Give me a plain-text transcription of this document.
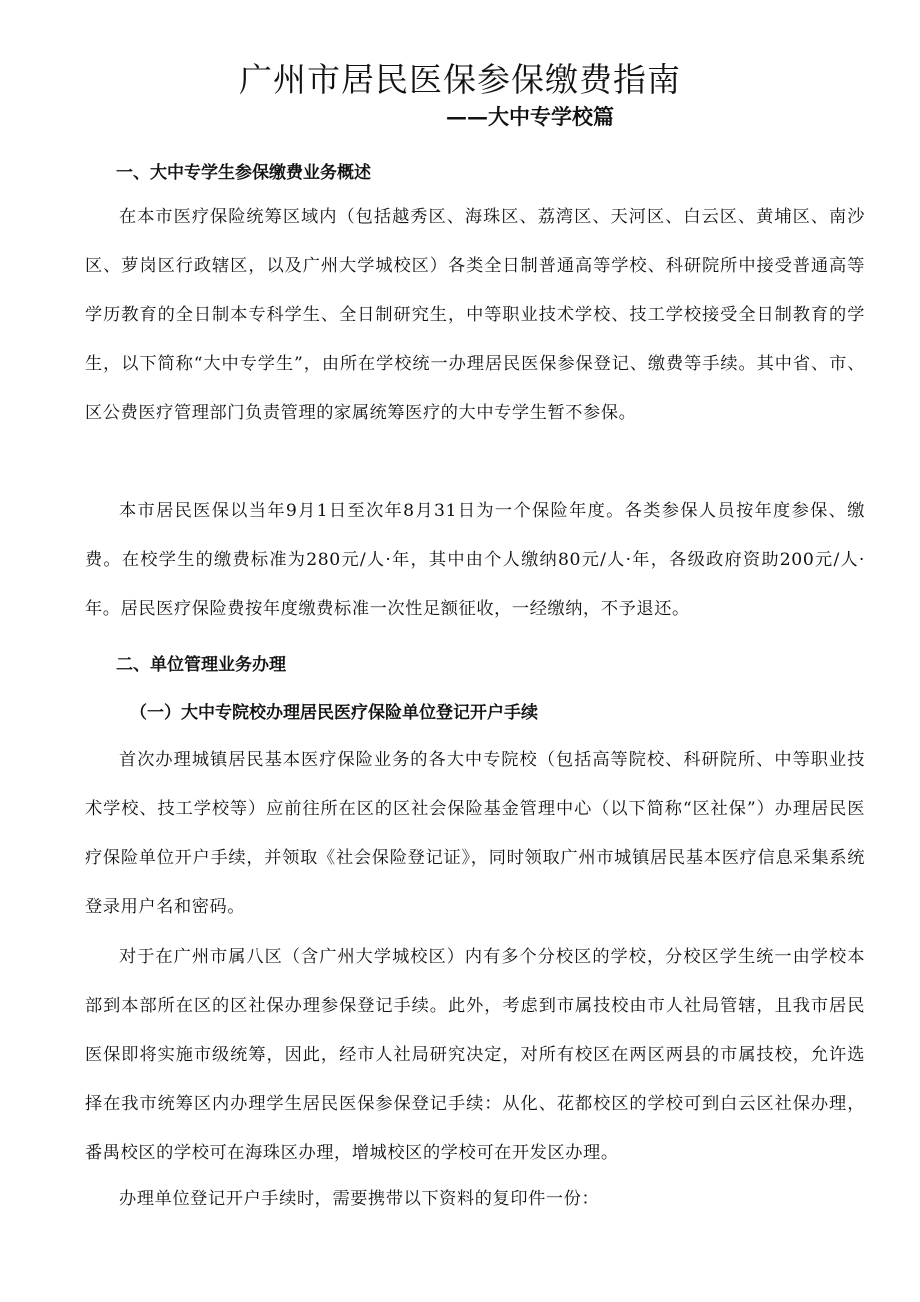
广州市居民医保参保缴费指南
——大中专学校篇
一、大中专学生参保缴费业务概述

在本市医疗保险统筹区域内（包括越秀区、海珠区、荔湾区、天河区、白云区、黄埔区、南沙区、萝岗区行政辖区，以及广州大学城校区）各类全日制普通高等学校、科研院所中接受普通高等学历教育的全日制本专科学生、全日制研究生，中等职业技术学校、技工学校接受全日制教育的学生，以下简称“大中专学生”，由所在学校统一办理居民医保参保登记、缴费等手续。其中省、市、区公费医疗管理部门负责管理的家属统筹医疗的大中专学生暂不参保。

本市居民医保以当年9月1日至次年8月31日为一个保险年度。各类参保人员按年度参保、缴费。在校学生的缴费标准为280元/人·年，其中由个人缴纳80元/人·年，各级政府资助200元/人·年。居民医疗保险费按年度缴费标准一次性足额征收，一经缴纳，不予退还。

二、单位管理业务办理
（一）大中专院校办理居民医疗保险单位登记开户手续

首次办理城镇居民基本医疗保险业务的各大中专院校（包括高等院校、科研院所、中等职业技术学校、技工学校等）应前往所在区的区社会保险基金管理中心（以下简称“区社保”）办理居民医疗保险单位开户手续，并领取《社会保险登记证》，同时领取广州市城镇居民基本医疗信息采集系统登录用户名和密码。

对于在广州市属八区（含广州大学城校区）内有多个分校区的学校，分校区学生统一由学校本部到本部所在区的区社保办理参保登记手续。此外，考虑到市属技校由市人社局管辖，且我市居民医保即将实施市级统筹，因此，经市人社局研究决定，对所有校区在两区两县的市属技校，允许选择在我市统筹区内办理学生居民医保参保登记手续：从化、花都校区的学校可到白云区社保办理，番禺校区的学校可在海珠区办理，增城校区的学校可在开发区办理。

办理单位登记开户手续时，需要携带以下资料的复印件一份：
